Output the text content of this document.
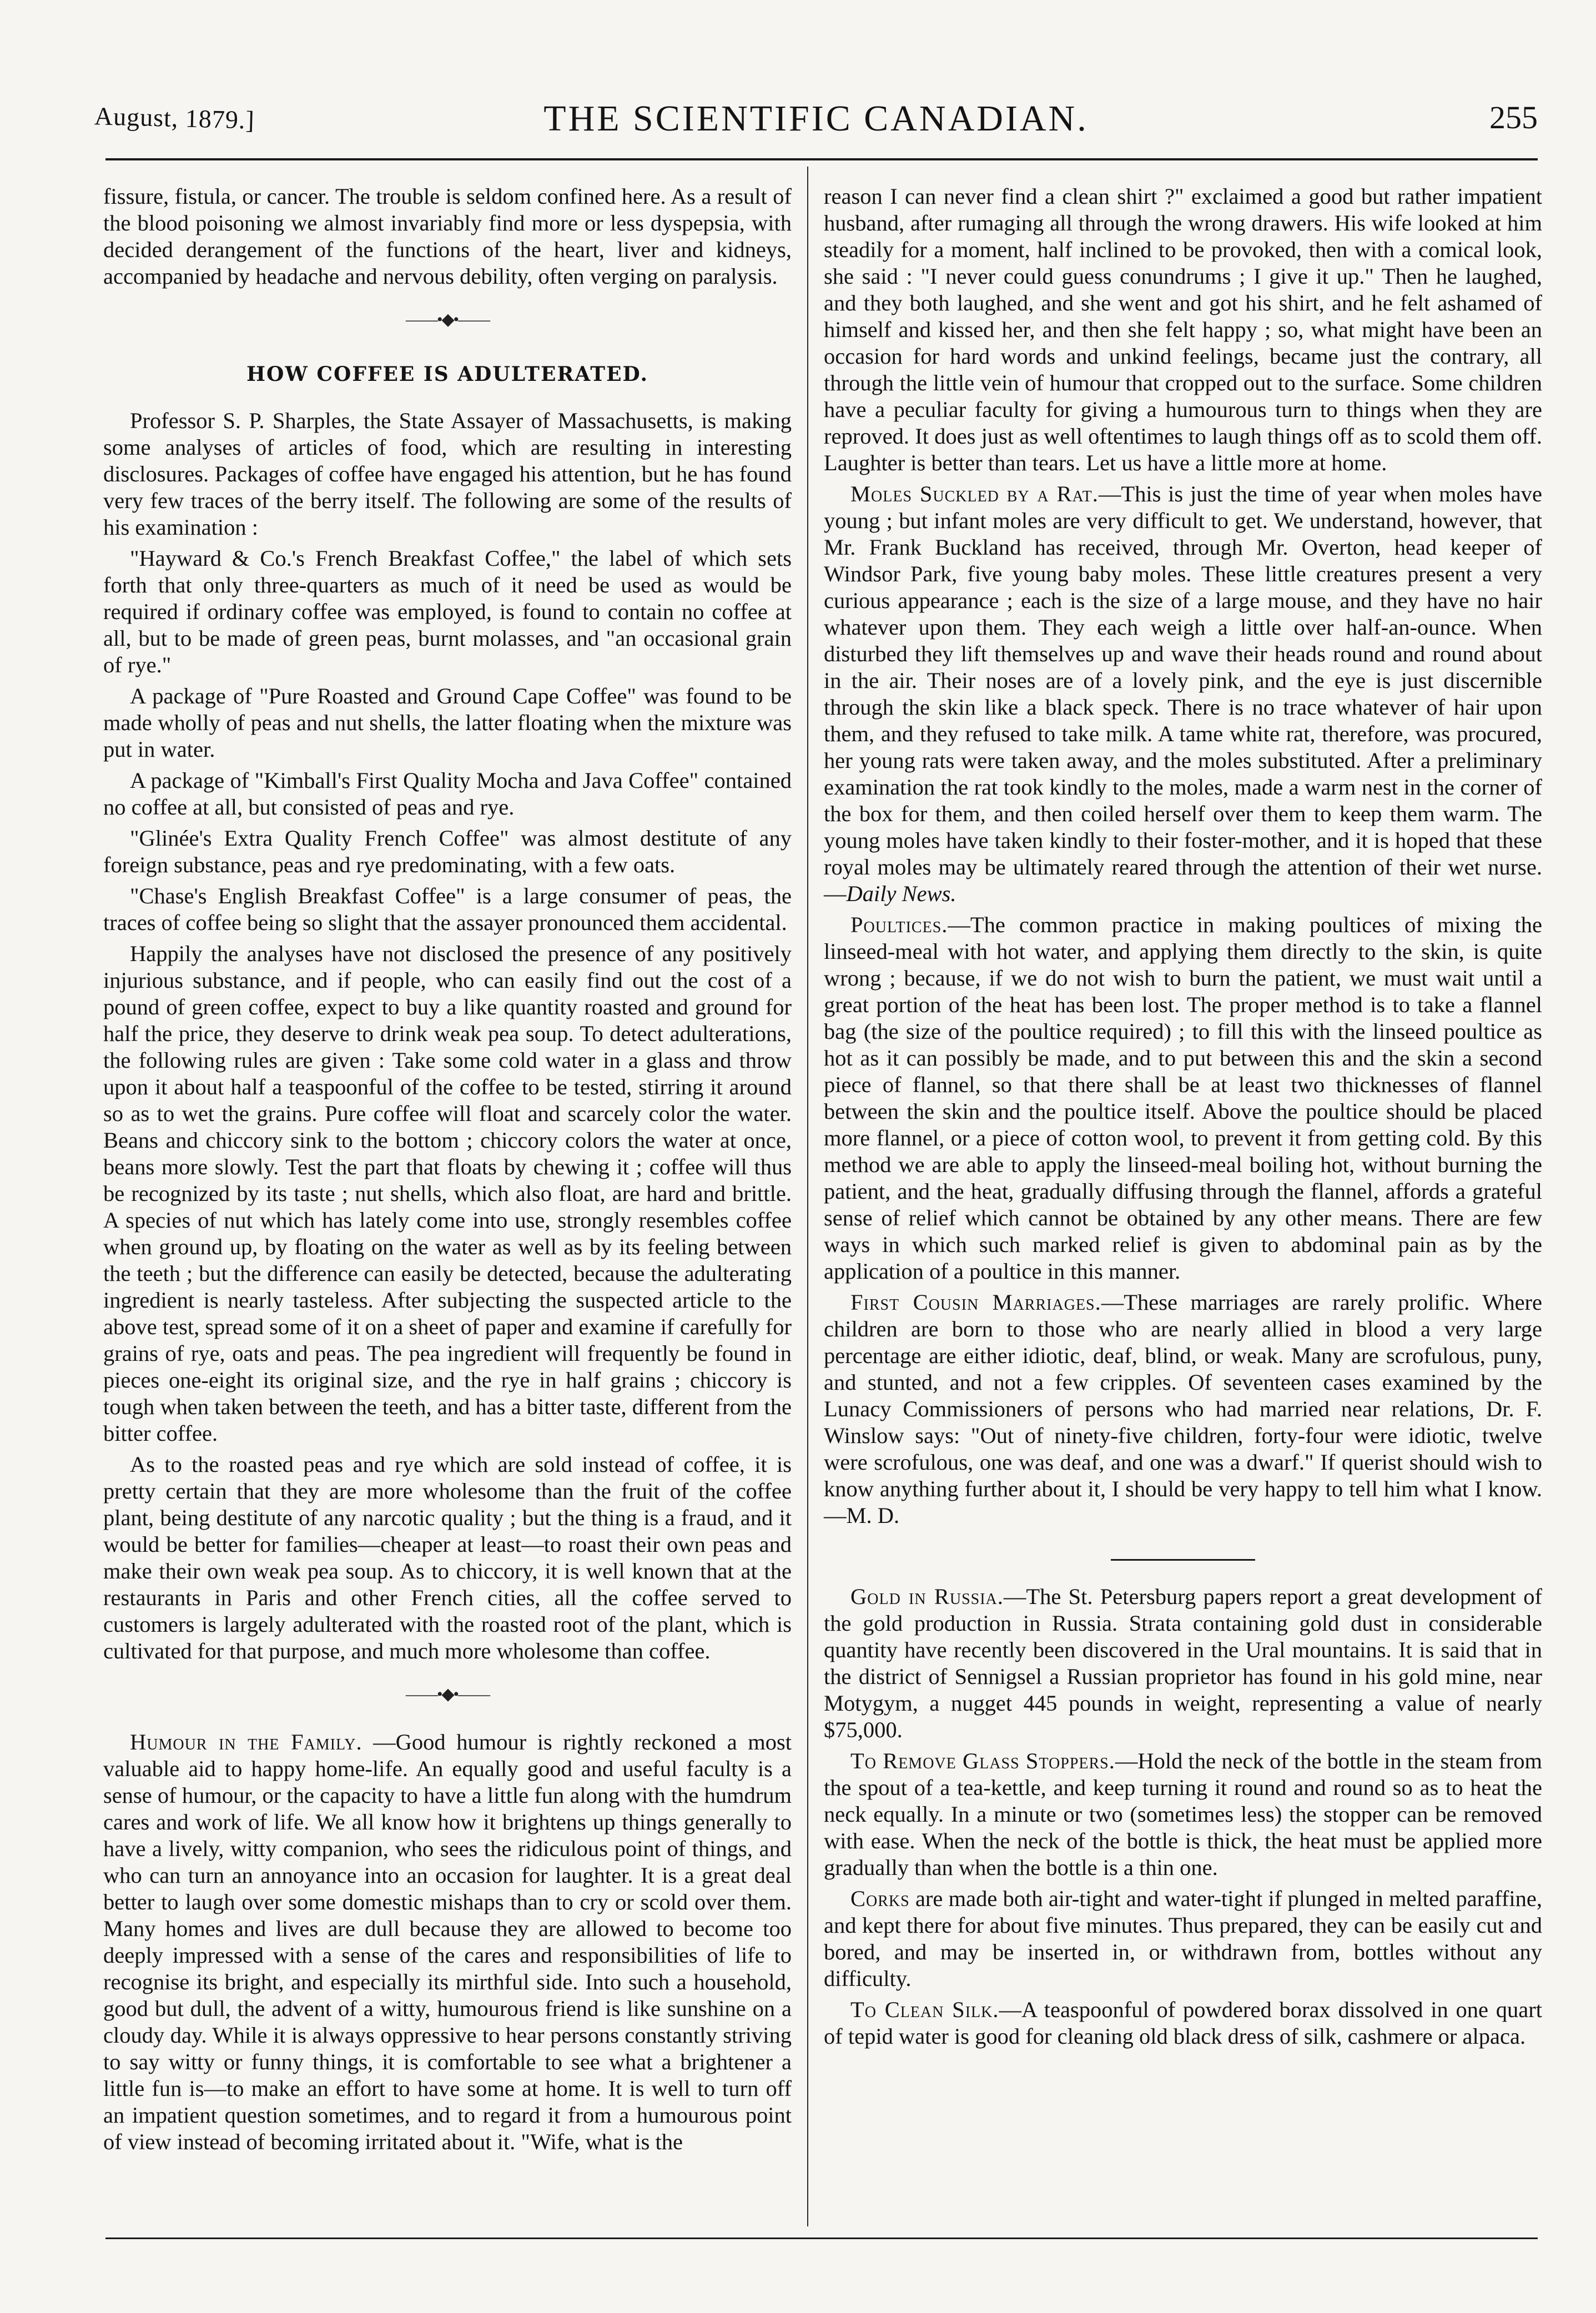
August, 1879.]	THE SCIENTIFIC CANADIAN.	255

fissure, fistula, or cancer. The trouble is seldom confined here. As a result of the blood poisoning we almost invariably find more or less dyspepsia, with decided derangement of the functions of the heart, liver and kidneys, accompanied by headache and nervous debility, often verging on paralysis.

——•◆•——
HOW COFFEE IS ADULTERATED.

Professor S. P. Sharples, the State Assayer of Massachusetts, is making some analyses of articles of food, which are resulting in interesting disclosures. Packages of coffee have engaged his attention, but he has found very few traces of the berry itself. The following are some of the results of his examination :

"Hayward & Co.'s French Breakfast Coffee," the label of which sets forth that only three-quarters as much of it need be used as would be required if ordinary coffee was employed, is found to contain no coffee at all, but to be made of green peas, burnt molasses, and "an occasional grain of rye."

A package of "Pure Roasted and Ground Cape Coffee" was found to be made wholly of peas and nut shells, the latter floating when the mixture was put in water.

A package of "Kimball's First Quality Mocha and Java Coffee" contained no coffee at all, but consisted of peas and rye.

"Glinée's Extra Quality French Coffee" was almost destitute of any foreign substance, peas and rye predominating, with a few oats.

"Chase's English Breakfast Coffee" is a large consumer of peas, the traces of coffee being so slight that the assayer pronounced them accidental.

Happily the analyses have not disclosed the presence of any positively injurious substance, and if people, who can easily find out the cost of a pound of green coffee, expect to buy a like quantity roasted and ground for half the price, they deserve to drink weak pea soup. To detect adulterations, the following rules are given : Take some cold water in a glass and throw upon it about half a teaspoonful of the coffee to be tested, stirring it around so as to wet the grains. Pure coffee will float and scarcely color the water. Beans and chiccory sink to the bottom ; chiccory colors the water at once, beans more slowly. Test the part that floats by chewing it ; coffee will thus be recognized by its taste ; nut shells, which also float, are hard and brittle. A species of nut which has lately come into use, strongly resembles coffee when ground up, by floating on the water as well as by its feeling between the teeth ; but the difference can easily be detected, because the adulterating ingredient is nearly tasteless. After subjecting the suspected article to the above test, spread some of it on a sheet of paper and examine if carefully for grains of rye, oats and peas. The pea ingredient will frequently be found in pieces one-eight its original size, and the rye in half grains ; chiccory is tough when taken between the teeth, and has a bitter taste, different from the bitter coffee.

As to the roasted peas and rye which are sold instead of coffee, it is pretty certain that they are more wholesome than the fruit of the coffee plant, being destitute of any narcotic quality ; but the thing is a fraud, and it would be better for families—cheaper at least—to roast their own peas and make their own weak pea soup. As to chiccory, it is well known that at the restaurants in Paris and other French cities, all the coffee served to customers is largely adulterated with the roasted root of the plant, which is cultivated for that purpose, and much more wholesome than coffee.

——•◆•——

Humour in the Family. —Good humour is rightly reckoned a most valuable aid to happy home-life. An equally good and useful faculty is a sense of humour, or the capacity to have a little fun along with the humdrum cares and work of life. We all know how it brightens up things generally to have a lively, witty companion, who sees the ridiculous point of things, and who can turn an annoyance into an occasion for laughter. It is a great deal better to laugh over some domestic mishaps than to cry or scold over them. Many homes and lives are dull because they are allowed to become too deeply impressed with a sense of the cares and responsibilities of life to recognise its bright, and especially its mirthful side. Into such a household, good but dull, the advent of a witty, humourous friend is like sunshine on a cloudy day. While it is always oppressive to hear persons constantly striving to say witty or funny things, it is comfortable to see what a brightener a little fun is—to make an effort to have some at home. It is well to turn off an impatient question sometimes, and to regard it from a humourous point of view instead of becoming irritated about it. "Wife, what is the

reason I can never find a clean shirt ?" exclaimed a good but rather impatient husband, after rumaging all through the wrong drawers. His wife looked at him steadily for a moment, half inclined to be provoked, then with a comical look, she said : "I never could guess conundrums ; I give it up." Then he laughed, and they both laughed, and she went and got his shirt, and he felt ashamed of himself and kissed her, and then she felt happy ; so, what might have been an occasion for hard words and unkind feelings, became just the contrary, all through the little vein of humour that cropped out to the surface. Some children have a peculiar faculty for giving a humourous turn to things when they are reproved. It does just as well oftentimes to laugh things off as to scold them off. Laughter is better than tears. Let us have a little more at home.

Moles Suckled by a Rat.—This is just the time of year when moles have young ; but infant moles are very difficult to get. We understand, however, that Mr. Frank Buckland has received, through Mr. Overton, head keeper of Windsor Park, five young baby moles. These little creatures present a very curious appearance ; each is the size of a large mouse, and they have no hair whatever upon them. They each weigh a little over half-an-ounce. When disturbed they lift themselves up and wave their heads round and round about in the air. Their noses are of a lovely pink, and the eye is just discernible through the skin like a black speck. There is no trace whatever of hair upon them, and they refused to take milk. A tame white rat, therefore, was procured, her young rats were taken away, and the moles substituted. After a preliminary examination the rat took kindly to the moles, made a warm nest in the corner of the box for them, and then coiled herself over them to keep them warm. The young moles have taken kindly to their foster-mother, and it is hoped that these royal moles may be ultimately reared through the attention of their wet nurse.—Daily News.

Poultices.—The common practice in making poultices of mixing the linseed-meal with hot water, and applying them directly to the skin, is quite wrong ; because, if we do not wish to burn the patient, we must wait until a great portion of the heat has been lost. The proper method is to take a flannel bag (the size of the poultice required) ; to fill this with the linseed poultice as hot as it can possibly be made, and to put between this and the skin a second piece of flannel, so that there shall be at least two thicknesses of flannel between the skin and the poultice itself. Above the poultice should be placed more flannel, or a piece of cotton wool, to prevent it from getting cold. By this method we are able to apply the linseed-meal boiling hot, without burning the patient, and the heat, gradually diffusing through the flannel, affords a grateful sense of relief which cannot be obtained by any other means. There are few ways in which such marked relief is given to abdominal pain as by the application of a poultice in this manner.

First Cousin Marriages.—These marriages are rarely prolific. Where children are born to those who are nearly allied in blood a very large percentage are either idiotic, deaf, blind, or weak. Many are scrofulous, puny, and stunted, and not a few cripples. Of seventeen cases examined by the Lunacy Commissioners of persons who had married near relations, Dr. F. Winslow says: "Out of ninety-five children, forty-four were idiotic, twelve were scrofulous, one was deaf, and one was a dwarf." If querist should wish to know anything further about it, I should be very happy to tell him what I know.—M. D.

Gold in Russia.—The St. Petersburg papers report a great development of the gold production in Russia. Strata containing gold dust in considerable quantity have recently been discovered in the Ural mountains. It is said that in the district of Sennigsel a Russian proprietor has found in his gold mine, near Motygym, a nugget 445 pounds in weight, representing a value of nearly $75,000.

To Remove Glass Stoppers.—Hold the neck of the bottle in the steam from the spout of a tea-kettle, and keep turning it round and round so as to heat the neck equally. In a minute or two (sometimes less) the stopper can be removed with ease. When the neck of the bottle is thick, the heat must be applied more gradually than when the bottle is a thin one.

Corks are made both air-tight and water-tight if plunged in melted paraffine, and kept there for about five minutes. Thus prepared, they can be easily cut and bored, and may be inserted in, or withdrawn from, bottles without any difficulty.

To Clean Silk.—A teaspoonful of powdered borax dissolved in one quart of tepid water is good for cleaning old black dress of silk, cashmere or alpaca.
